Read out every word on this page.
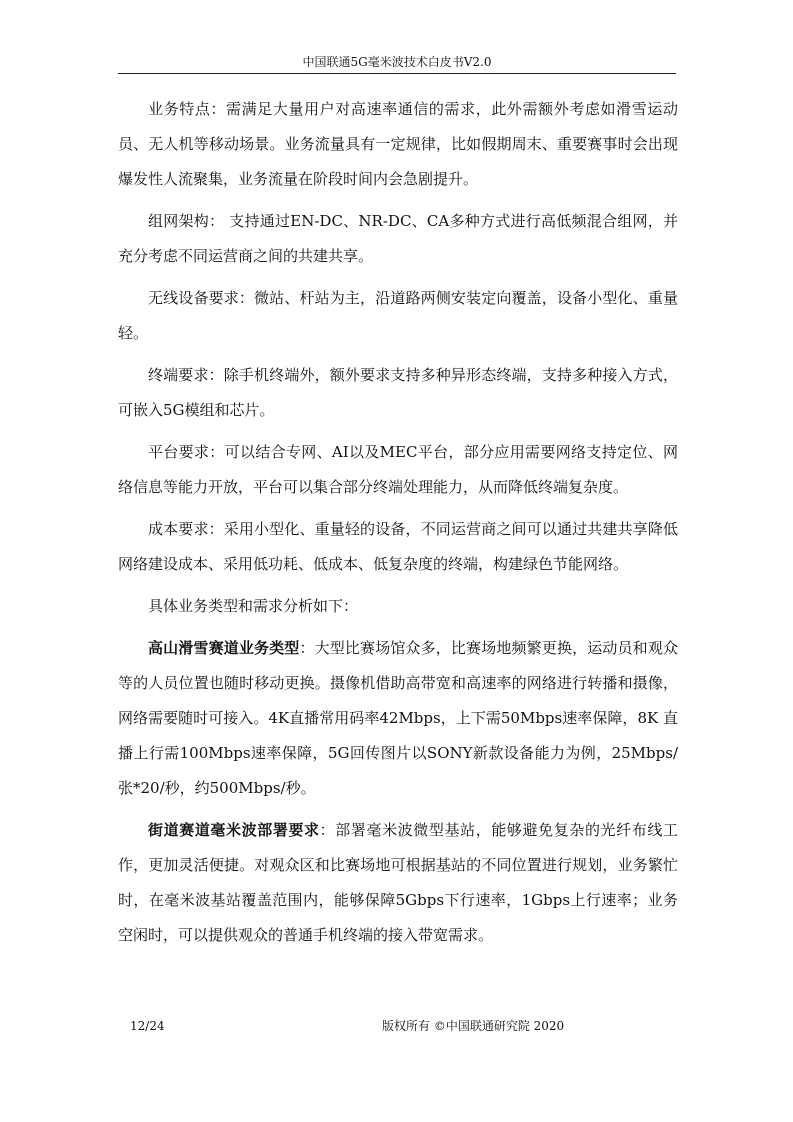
中国联通5G毫米波技术白皮书V2.0

业务特点：需满足大量用户对高速率通信的需求，此外需额外考虑如滑雪运动员、无人机等移动场景。业务流量具有一定规律，比如假期周末、重要赛事时会出现爆发性人流聚集，业务流量在阶段时间内会急剧提升。

组网架构： 支持通过EN-DC、NR-DC、CA多种方式进行高低频混合组网，并充分考虑不同运营商之间的共建共享。

无线设备要求：微站、杆站为主，沿道路两侧安装定向覆盖，设备小型化、重量轻。

终端要求：除手机终端外，额外要求支持多种异形态终端，支持多种接入方式，可嵌入5G模组和芯片。

平台要求：可以结合专网、AI以及MEC平台，部分应用需要网络支持定位、网络信息等能力开放，平台可以集合部分终端处理能力，从而降低终端复杂度。

成本要求：采用小型化、重量轻的设备，不同运营商之间可以通过共建共享降低网络建设成本、采用低功耗、低成本、低复杂度的终端，构建绿色节能网络。

具体业务类型和需求分析如下：

高山滑雪赛道业务类型：大型比赛场馆众多，比赛场地频繁更换，运动员和观众等的人员位置也随时移动更换。摄像机借助高带宽和高速率的网络进行转播和摄像，网络需要随时可接入。4K直播常用码率42Mbps，上下需50Mbps速率保障，8K 直播上行需100Mbps速率保障，5G回传图片以SONY新款设备能力为例，25Mbps/张*20/秒，约500Mbps/秒。

街道赛道毫米波部署要求：部署毫米波微型基站，能够避免复杂的光纤布线工作，更加灵活便捷。对观众区和比赛场地可根据基站的不同位置进行规划，业务繁忙时，在毫米波基站覆盖范围内，能够保障5Gbps下行速率，1Gbps上行速率；业务空闲时，可以提供观众的普通手机终端的接入带宽需求。

12/24	版权所有 ©中国联通研究院 2020
